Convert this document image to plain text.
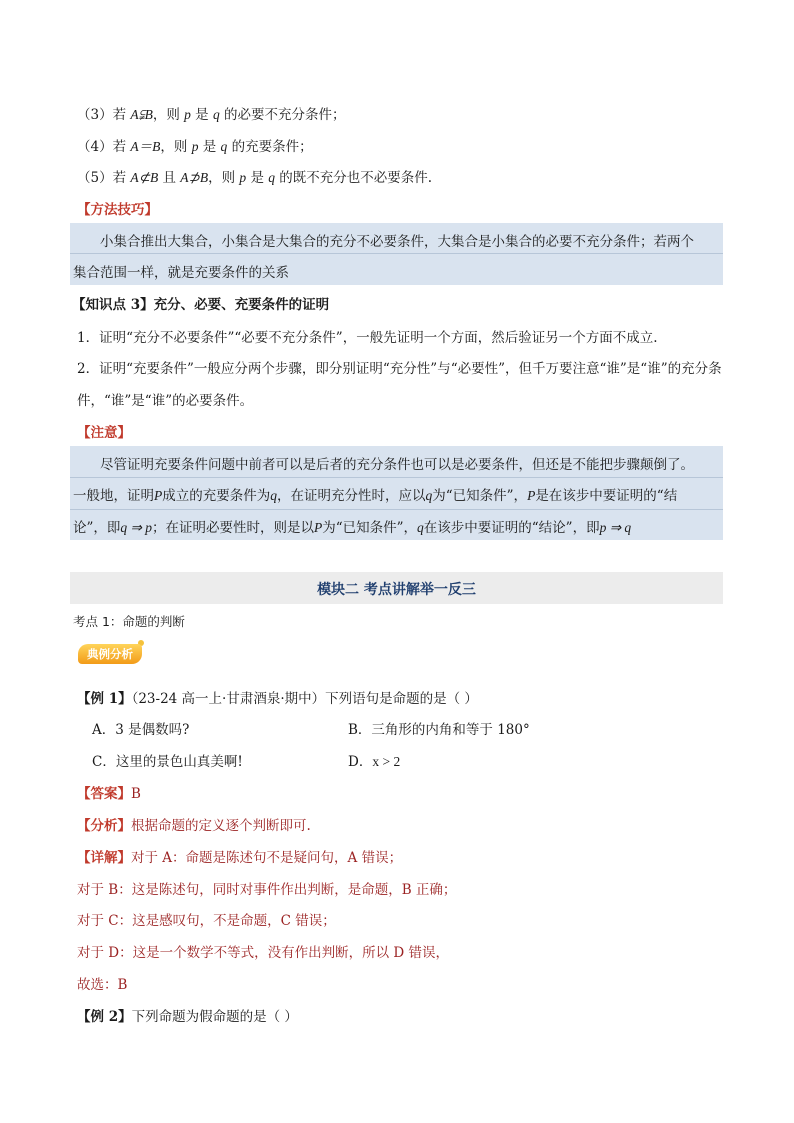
（3）若 A⫋B，则 p 是 q 的必要不充分条件；
（4）若 A＝B，则 p 是 q 的充要条件；
（5）若 A⊄B 且 A⊅B，则 p 是 q 的既不充分也不必要条件.
【方法技巧】
小集合推出大集合，小集合是大集合的充分不必要条件，大集合是小集合的必要不充分条件；若两个
集合范围一样，就是充要条件的关系
【知识点 3】充分、必要、充要条件的证明
1．证明“充分不必要条件”“必要不充分条件”，一般先证明一个方面，然后验证另一个方面不成立.
2．证明“充要条件”一般应分两个步骤，即分别证明“充分性”与“必要性”，但千万要注意“谁”是“谁”的充分条
件，“谁”是“谁”的必要条件。
【注意】
尽管证明充要条件问题中前者可以是后者的充分条件也可以是必要条件，但还是不能把步骤颠倒了。
一般地，证明P成立的充要条件为q，在证明充分性时，应以q为“已知条件”，P是在该步中要证明的“结
论”，即q ⇒ p；在证明必要性时，则是以P为“已知条件”，q在该步中要证明的“结论”，即p ⇒ q
模块二 考点讲解举一反三
考点 1：命题的判断
典例分析
【例 1】（23-24 高一上·甘肃酒泉·期中）下列语句是命题的是（ ）
A．3 是偶数吗?	B．三角形的内角和等于 180°
C．这里的景色山真美啊!	D．x > 2
【答案】B
【分析】根据命题的定义逐个判断即可.
【详解】对于 A：命题是陈述句不是疑问句，A 错误；
对于 B：这是陈述句，同时对事件作出判断，是命题，B 正确；
对于 C：这是感叹句，不是命题，C 错误；
对于 D：这是一个数学不等式，没有作出判断，所以 D 错误，
故选：B
【例 2】下列命题为假命题的是（ ）
